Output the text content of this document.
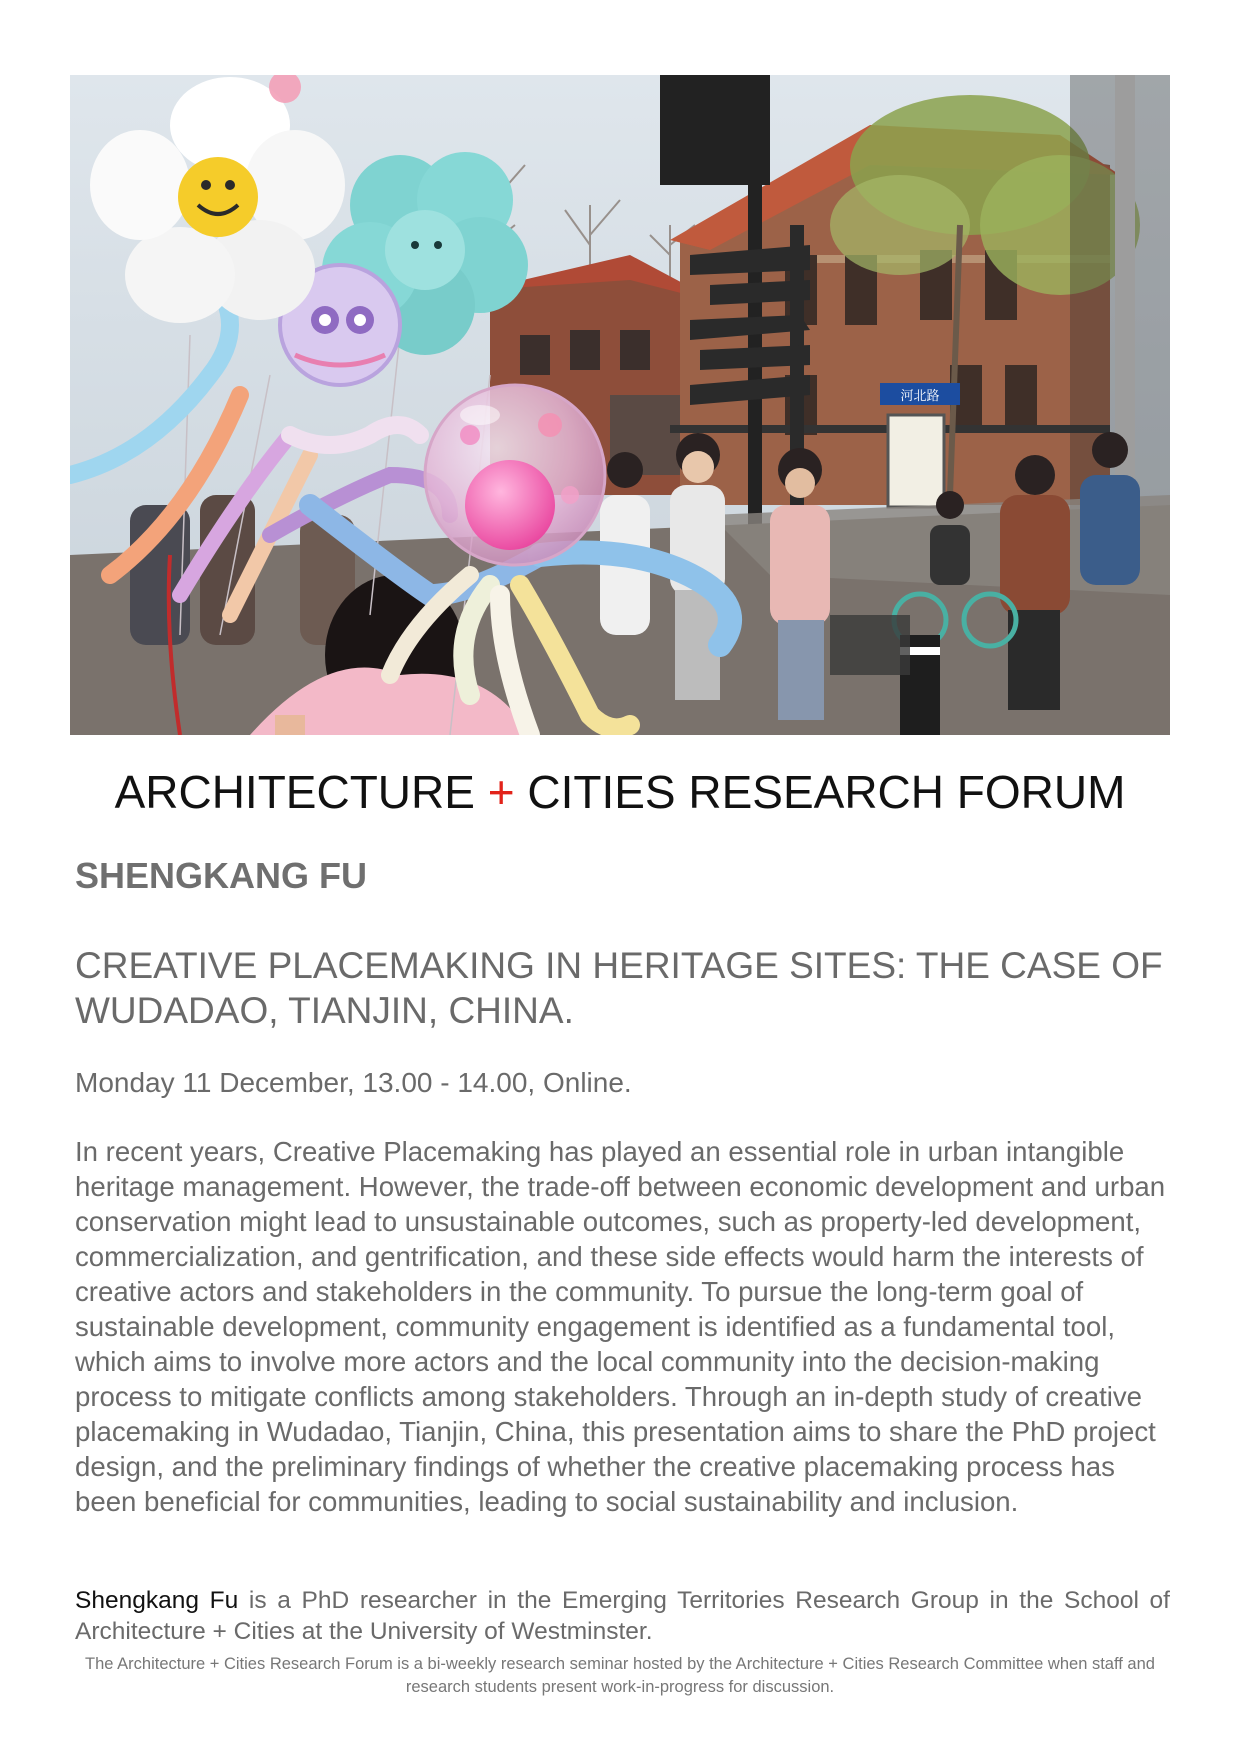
河北路
ARCHITECTURE + CITIES RESEARCH FORUM
SHENGKANG FU

CREATIVE PLACEMAKING IN HERITAGE SITES: THE CASE OF WUDADAO, TIANJIN, CHINA.

Monday 11 December, 13.00 - 14.00, Online.

In recent years, Creative Placemaking has played an essential role in urban intangible heritage management. However, the trade-off between economic development and urban conservation might lead to unsustainable outcomes, such as property-led development, commercialization, and gentrification, and these side effects would harm the interests of creative actors and stakeholders in the community. To pursue the long-term goal of sustainable development, community engagement is identified as a fundamental tool, which aims to involve more actors and the local community into the decision-making process to mitigate conflicts among stakeholders. Through an in-depth study of creative placemaking in Wudadao, Tianjin, China, this presentation aims to share the PhD project design, and the preliminary findings of whether the creative placemaking process has been beneficial for communities, leading to social sustainability and inclusion.

Shengkang Fu is a PhD researcher in the Emerging Territories Research Group in the School of Architecture + Cities at the University of Westminster.

The Architecture + Cities Research Forum is a bi-weekly research seminar hosted by the Architecture + Cities Research Committee when staff and research students present work-in-progress for discussion.
